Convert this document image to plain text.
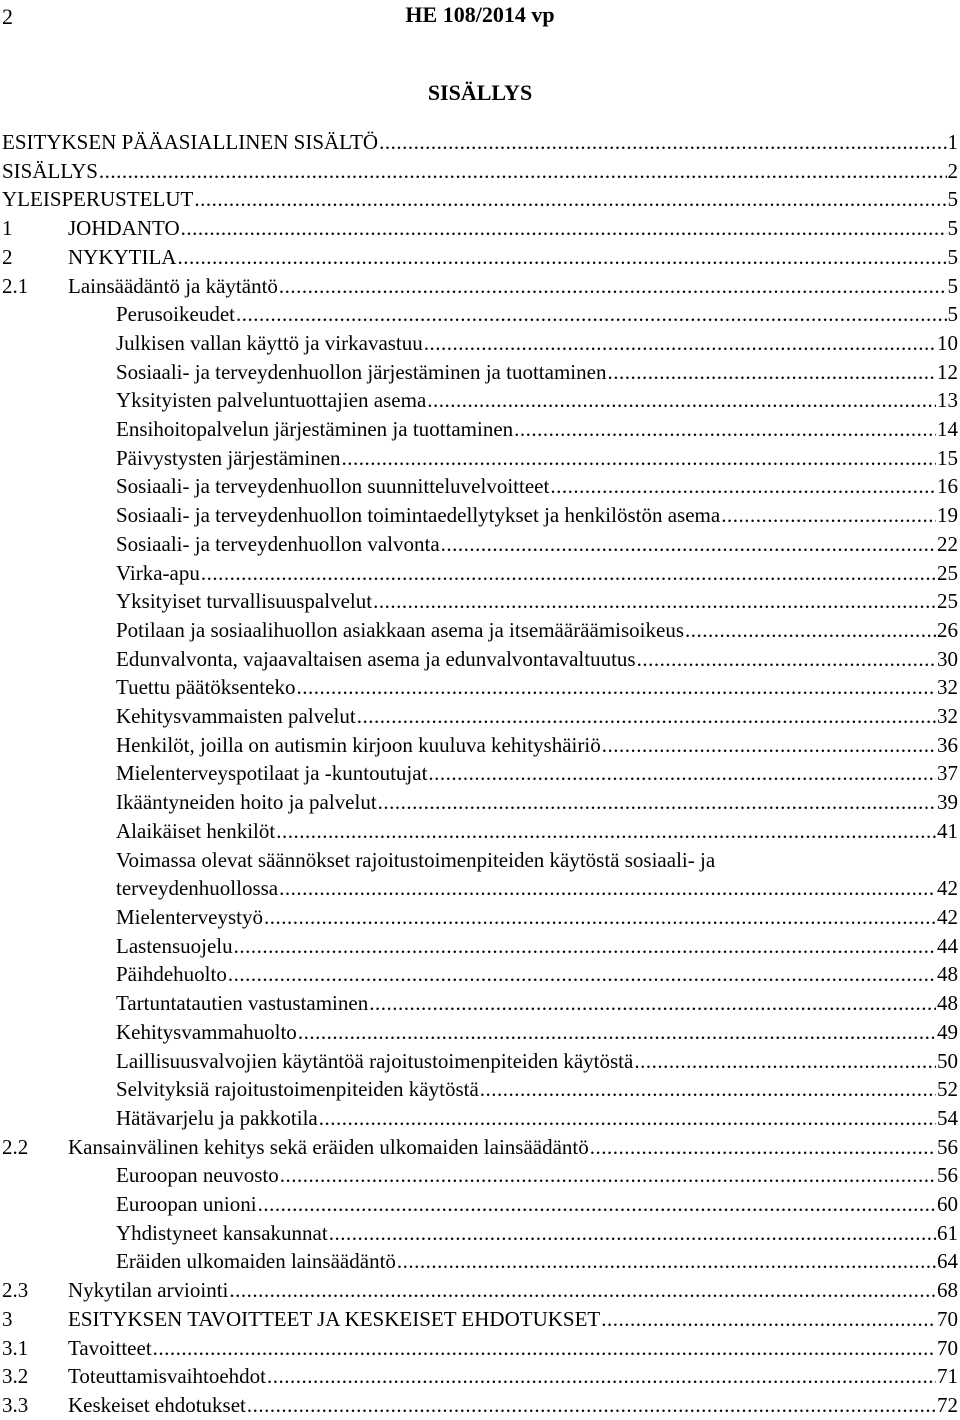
2	HE 108/2014 vp
SISÄLLYS
ESITYKSEN PÄÄASIALLINEN SISÄLTÖ .....	1
SISÄLLYS .....	2
YLEISPERUSTELUT .....	5
1	JOHDANTO .....	5
2	NYKYTILA .....	5
2.1	Lainsäädäntö ja käytäntö .....	5
Perusoikeudet .....	5
Julkisen vallan käyttö ja virkavastuu .....	10
Sosiaali- ja terveydenhuollon järjestäminen ja tuottaminen .....	12
Yksityisten palveluntuottajien asema .....	13
Ensihoitopalvelun järjestäminen ja tuottaminen .....	14
Päivystysten järjestäminen .....	15
Sosiaali- ja terveydenhuollon suunnitteluvelvoitteet .....	16
Sosiaali- ja terveydenhuollon toimintaedellytykset ja henkilöstön asema .....	19
Sosiaali- ja terveydenhuollon valvonta .....	22
Virka-apu .....	25
Yksityiset turvallisuuspalvelut .....	25
Potilaan ja sosiaalihuollon asiakkaan asema ja itsemääräämisoikeus .....	26
Edunvalvonta, vajaavaltaisen asema ja edunvalvontavaltuutus .....	30
Tuettu päätöksenteko .....	32
Kehitysvammaisten palvelut .....	32
Henkilöt, joilla on autismin kirjoon kuuluva kehityshäiriö .....	36
Mielenterveyspotilaat ja -kuntoutujat .....	37
Ikääntyneiden hoito ja palvelut .....	39
Alaikäiset henkilöt .....	41
Voimassa olevat säännökset rajoitustoimenpiteiden käytöstä sosiaali- ja
terveydenhuollossa .....	42
Mielenterveystyö .....	42
Lastensuojelu .....	44
Päihdehuolto .....	48
Tartuntatautien vastustaminen .....	48
Kehitysvammahuolto .....	49
Laillisuusvalvojien käytäntöä rajoitustoimenpiteiden käytöstä .....	50
Selvityksiä rajoitustoimenpiteiden käytöstä .....	52
Hätävarjelu ja pakkotila .....	54
2.2	Kansainvälinen kehitys sekä eräiden ulkomaiden lainsäädäntö .....	56
Euroopan neuvosto .....	56
Euroopan unioni .....	60
Yhdistyneet kansakunnat .....	61
Eräiden ulkomaiden lainsäädäntö .....	64
2.3	Nykytilan arviointi .....	68
3	ESITYKSEN TAVOITTEET JA KESKEISET EHDOTUKSET .....	70
3.1	Tavoitteet .....	70
3.2	Toteuttamisvaihtoehdot .....	71
3.3	Keskeiset ehdotukset .....	72
